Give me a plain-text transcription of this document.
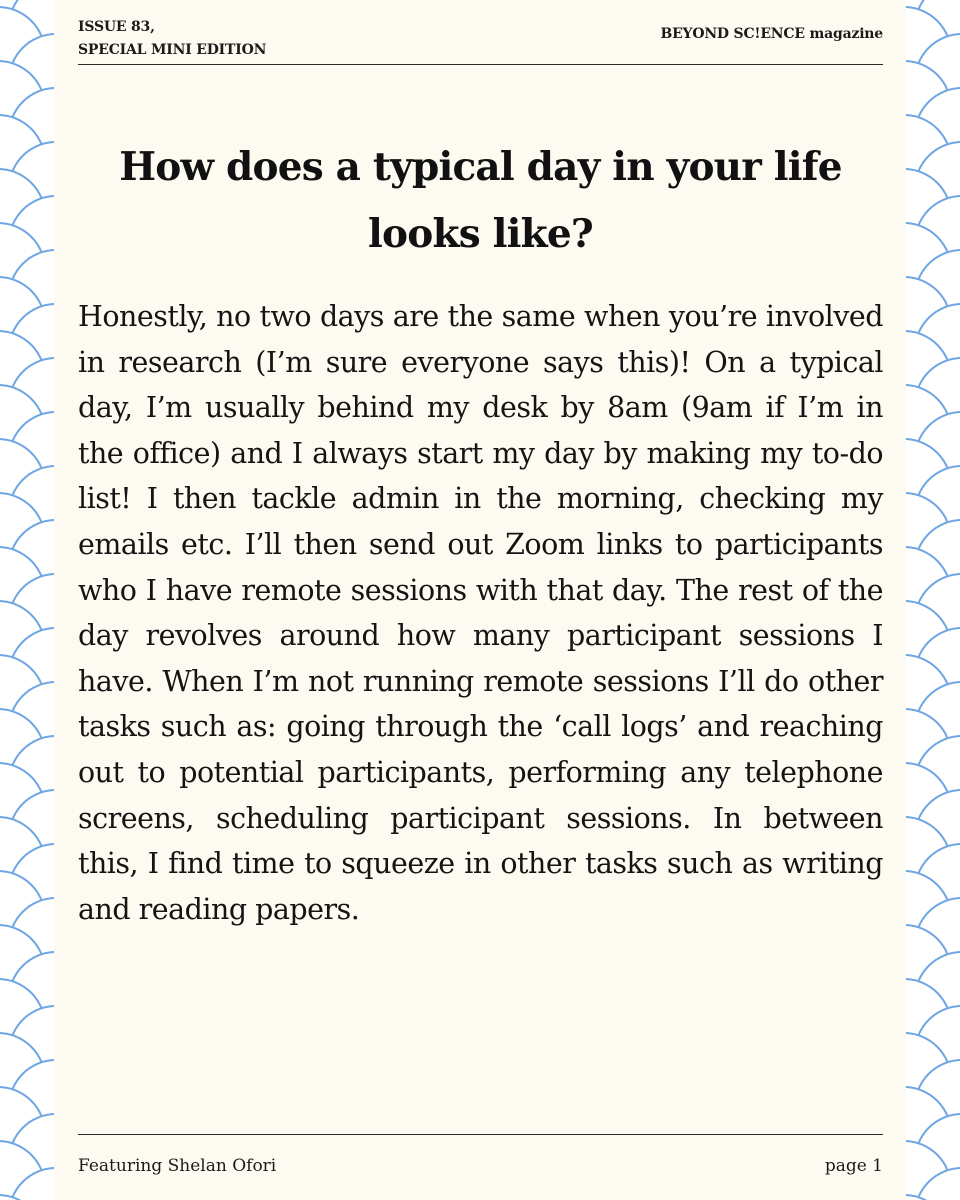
ISSUE 83,
SPECIAL MINI EDITION
BEYOND SC!ENCE magazine
How does a typical day in your life looks like?

Honestly, no two days are the same when you’re involved in research (I’m sure everyone says this)! On a typical day, I’m usually behind my desk by 8am (9am if I’m in the office) and I always start my day by making my to-do list! I then tackle admin in the morning, checking my emails etc. I’ll then send out Zoom links to participants who I have remote sessions with that day. The rest of the day revolves around how many participant sessions I have. When I’m not running remote sessions I’ll do other tasks such as: going through the ‘call logs’ and reaching out to potential participants, performing any telephone screens, scheduling participant sessions. In between this, I find time to squeeze in other tasks such as writing and reading papers.

Featuring Shelan Ofori	page 1
